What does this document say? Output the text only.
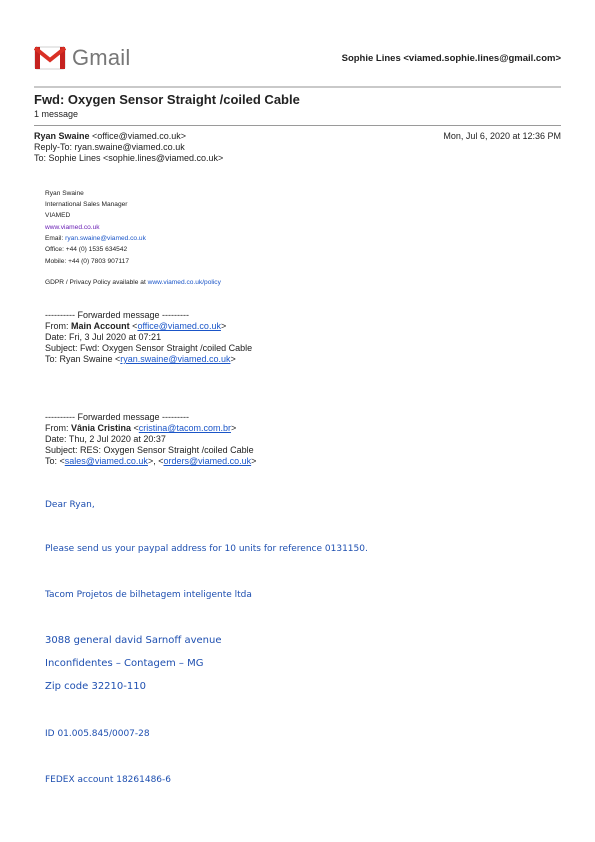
Gmail	Sophie Lines <viamed.sophie.lines@gmail.com>
Fwd: Oxygen Sensor Straight /coiled Cable
1 message
Ryan Swaine <office@viamed.co.uk>	Mon, Jul 6, 2020 at 12:36 PM
Reply-To: ryan.swaine@viamed.co.uk
To: Sophie Lines <sophie.lines@viamed.co.uk>
Ryan Swaine
International Sales Manager
VIAMED
www.viamed.co.uk
Email: ryan.swaine@viamed.co.uk
Office: +44 (0) 1535 634542
Mobile: +44 (0) 7803 907117
GDPR / Privacy Policy available at www.viamed.co.uk/policy
---------- Forwarded message ---------
From: Main Account <office@viamed.co.uk>
Date: Fri, 3 Jul 2020 at 07:21
Subject: Fwd: Oxygen Sensor Straight /coiled Cable
To: Ryan Swaine <ryan.swaine@viamed.co.uk>
---------- Forwarded message ---------
From: Vânia Cristina <cristina@tacom.com.br>
Date: Thu, 2 Jul 2020 at 20:37
Subject: RES: Oxygen Sensor Straight /coiled Cable
To: <sales@viamed.co.uk>, <orders@viamed.co.uk>
Dear Ryan,
Please send us your paypal address for 10 units for reference 0131150.
Tacom Projetos de bilhetagem inteligente ltda
3088 general david Sarnoff avenue
Inconfidentes – Contagem – MG
Zip code 32210-110
ID 01.005.845/0007-28
FEDEX account 18261486-6
